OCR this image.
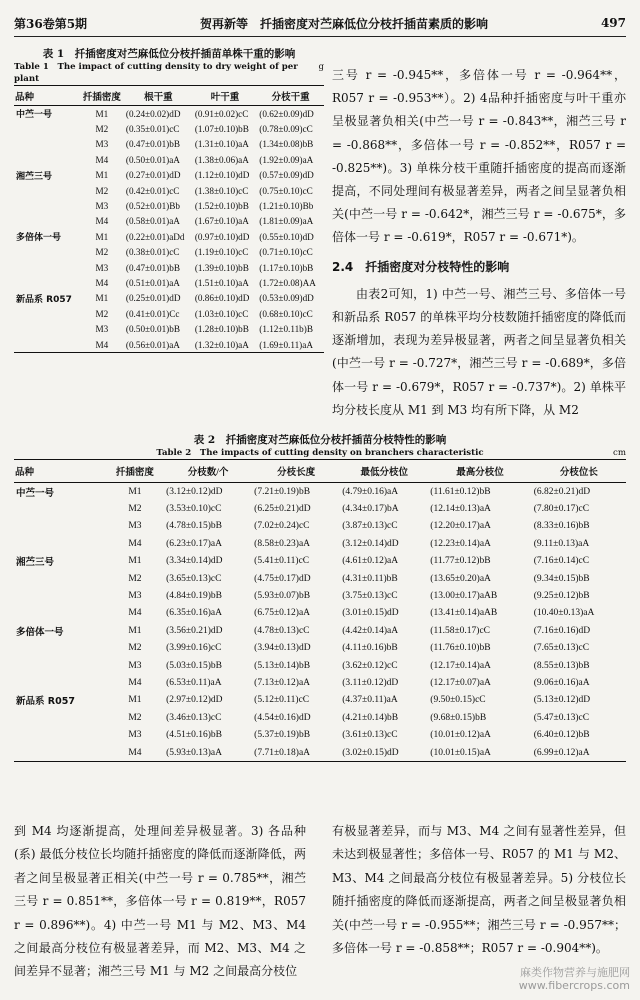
第36卷第5期	贺再新等　扦插密度对苎麻低位分枝扦插苗素质的影响	497
表 1　扦插密度对苎麻低位分枝扦插苗单株干重的影响
Table 1　The impact of cutting density to dry weight of per plant
g
品种	扦插密度	根干重	叶干重	分枝干重
中苎一号	M1	(0.24±0.02)dD	(0.91±0.02)cC	(0.62±0.09)dD
	M2	(0.35±0.01)cC	(1.07±0.10)bB	(0.78±0.09)cC
	M3	(0.47±0.01)bB	(1.31±0.10)aA	(1.34±0.08)bB
	M4	(0.50±0.01)aA	(1.38±0.06)aA	(1.92±0.09)aA
湘苎三号	M1	(0.27±0.01)dD	(1.12±0.10)dD	(0.57±0.09)dD
	M2	(0.42±0.01)cC	(1.38±0.10)cC	(0.75±0.10)cC
	M3	(0.52±0.01)Bb	(1.52±0.10)bB	(1.21±0.10)Bb
	M4	(0.58±0.01)aA	(1.67±0.10)aA	(1.81±0.09)aA
多倍体一号	M1	(0.22±0.01)aDd	(0.97±0.10)dD	(0.55±0.10)dD
	M2	(0.38±0.01)cC	(1.19±0.10)cC	(0.71±0.10)cC
	M3	(0.47±0.01)bB	(1.39±0.10)bB	(1.17±0.10)bB
	M4	(0.51±0.01)aA	(1.51±0.10)aA	(1.72±0.08)AA
新品系 R057	M1	(0.25±0.01)dD	(0.86±0.10)dD	(0.53±0.09)dD
	M2	(0.41±0.01)Cc	(1.03±0.10)cC	(0.68±0.10)cC
	M3	(0.50±0.01)bB	(1.28±0.10)bB	(1.12±0.11b)B
	M4	(0.56±0.01)aA	(1.32±0.10)aA	(1.69±0.11)aA

三号 r = -0.945**，多倍体一号 r = -0.964**，R057 r = -0.953**）。2) 4品种扦插密度与叶干重亦呈极显著负相关(中苎一号 r = -0.843**，湘苎三号 r = -0.868**，多倍体一号 r = -0.852**，R057 r = -0.825**)。3) 单株分枝干重随扦插密度的提高而逐渐提高，不同处理间有极显著差异，两者之间呈显著负相关(中苎一号 r = -0.642*，湘苎三号 r = -0.675*，多倍体一号 r = -0.619*，R057 r = -0.671*)。

2.4　扦插密度对分枝特性的影响

由表2可知，1) 中苎一号、湘苎三号、多倍体一号和新品系 R057 的单株平均分枝数随扦插密度的降低而逐渐增加，表现为差异极显著，两者之间呈显著负相关(中苎一号 r = -0.727*，湘苎三号 r = -0.689*，多倍体一号 r = -0.679*，R057 r = -0.737*)。2) 单株平均分枝长度从 M1 到 M3 均有所下降，从 M2

表 2　扦插密度对苎麻低位分枝扦插苗分枝特性的影响
Table 2　The impacts of cutting density on branchers characteristic	cm
品种	扦插密度	分枝数/个	分枝长度	最低分枝位	最高分枝位	分枝位长
中苎一号	M1	(3.12±0.12)dD	(7.21±0.19)bB	(4.79±0.16)aA	(11.61±0.12)bB	(6.82±0.21)dD
	M2	(3.53±0.10)cC	(6.25±0.21)dD	(4.34±0.17)bA	(12.14±0.13)aA	(7.80±0.17)cC
	M3	(4.78±0.15)bB	(7.02±0.24)cC	(3.87±0.13)cC	(12.20±0.17)aA	(8.33±0.16)bB
	M4	(6.23±0.17)aA	(8.58±0.23)aA	(3.12±0.14)dD	(12.23±0.14)aA	(9.11±0.13)aA
湘苎三号	M1	(3.34±0.14)dD	(5.41±0.11)cC	(4.61±0.12)aA	(11.77±0.12)bB	(7.16±0.14)cC
	M2	(3.65±0.13)cC	(4.75±0.17)dD	(4.31±0.11)bB	(13.65±0.20)aA	(9.34±0.15)bB
	M3	(4.84±0.19)bB	(5.93±0.07)bB	(3.75±0.13)cC	(13.00±0.17)aAB	(9.25±0.12)bB
	M4	(6.35±0.16)aA	(6.75±0.12)aA	(3.01±0.15)dD	(13.41±0.14)aAB	(10.40±0.13)aA
多倍体一号	M1	(3.56±0.21)dD	(4.78±0.13)cC	(4.42±0.14)aA	(11.58±0.17)cC	(7.16±0.16)dD
	M2	(3.99±0.16)cC	(3.94±0.13)dD	(4.11±0.16)bB	(11.76±0.10)bB	(7.65±0.13)cC
	M3	(5.03±0.15)bB	(5.13±0.14)bB	(3.62±0.12)cC	(12.17±0.14)aA	(8.55±0.13)bB
	M4	(6.53±0.11)aA	(7.13±0.12)aA	(3.11±0.12)dD	(12.17±0.07)aA	(9.06±0.16)aA
新品系 R057	M1	(2.97±0.12)dD	(5.12±0.11)cC	(4.37±0.11)aA	(9.50±0.15)cC	(5.13±0.12)dD
	M2	(3.46±0.13)cC	(4.54±0.16)dD	(4.21±0.14)bB	(9.68±0.15)bB	(5.47±0.13)cC
	M3	(4.51±0.16)bB	(5.37±0.19)bB	(3.61±0.13)cC	(10.01±0.12)aA	(6.40±0.12)bB
	M4	(5.93±0.13)aA	(7.71±0.18)aA	(3.02±0.15)dD	(10.01±0.15)aA	(6.99±0.12)aA

到 M4 均逐渐提高，处理间差异极显著。3) 各品种(系) 最低分枝位长均随扦插密度的降低而逐渐降低，两者之间呈极显著正相关(中苎一号 r = 0.785**，湘苎三号 r = 0.851**，多倍体一号 r = 0.819**，R057 r = 0.896**)。4) 中苎一号 M1 与 M2、M3、M4 之间最高分枝位有极显著差异，而 M2、M3、M4 之间差异不显著；湘苎三号 M1 与 M2 之间最高分枝位

有极显著差异，而与 M3、M4 之间有显著性差异，但未达到极显著性；多倍体一号、R057 的 M1 与 M2、M3、M4 之间最高分枝位有极显著差异。5) 分枝位长随扦插密度的降低而逐渐提高，两者之间呈极显著负相关(中苎一号 r = -0.955**；湘苎三号 r = -0.957**；多倍体一号 r = -0.858**；R057 r = -0.904**)。

麻类作物营养与施肥网
www.fibercrops.com
